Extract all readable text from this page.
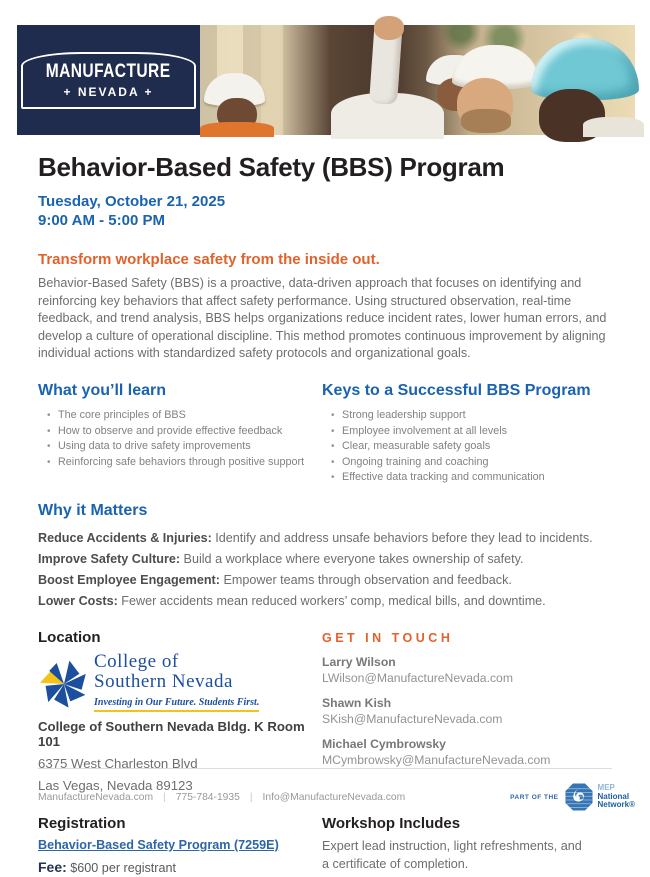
MANUFACTURE
+ NEVADA +
Behavior-Based Safety (BBS) Program
Tuesday, October 21, 2025
9:00 AM - 5:00 PM
Transform workplace safety from the inside out.

Behavior-Based Safety (BBS) is a proactive, data-driven approach that focuses on identifying and reinforcing key behaviors that affect safety performance. Using structured observation, real-time feedback, and trend analysis, BBS helps organizations reduce incident rates, lower human errors, and develop a culture of operational discipline. This method promotes continuous improvement by aligning individual actions with standardized safety protocols and organizational goals.

What you’ll learn
• The core principles of BBS
• How to observe and provide effective feedback
• Using data to drive safety improvements
• Reinforcing safe behaviors through positive support
Keys to a Successful BBS Program
• Strong leadership support
• Employee involvement at all levels
• Clear, measurable safety goals
• Ongoing training and coaching
• Effective data tracking and communication
Why it Matters

Reduce Accidents & Injuries: Identify and address unsafe behaviors before they lead to incidents.

Improve Safety Culture: Build a workplace where everyone takes ownership of safety.

Boost Employee Engagement: Empower teams through observation and feedback.

Lower Costs: Fewer accidents mean reduced workers’ comp, medical bills, and downtime.

Location
College of
Southern Nevada
Investing in Our Future. Students First.
College of Southern Nevada Bldg. K Room 101
6375 West Charleston Blvd
Las Vegas, Nevada 89123
GET IN TOUCH
Larry Wilson
LWilson@ManufactureNevada.com
Shawn Kish
SKish@ManufactureNevada.com
Michael Cymbrowsky
MCymbrowsky@ManufactureNevada.com
Registration
Behavior-Based Safety Program (7259E)
Fee: $600 per registrant
Workshop Includes

Expert lead instruction, light refreshments, and a certificate of completion.

ManufactureNevada.com | 775-784-1935 | Info@ManufactureNevada.com	PART OF THE
MEP
National
Network®
